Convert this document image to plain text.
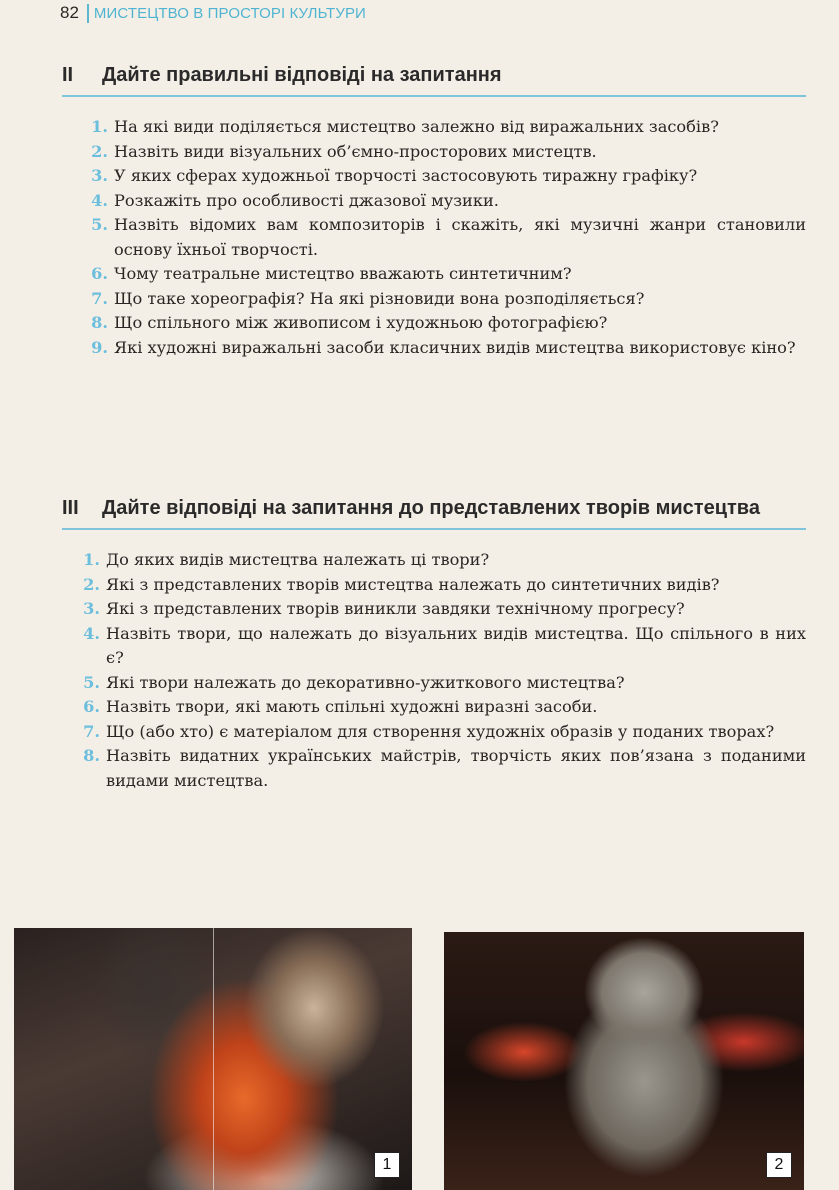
82 МИСТЕЦТВО В ПРОСТОРІ КУЛЬТУРИ
II	Дайте правильні відповіді на запитання
1. На які види поділяється мистецтво залежно від виражальних засобів?
2. Назвіть види візуальних об’ємно-просторових мистецтв.
3. У яких сферах художньої творчості застосовують тиражну графіку?
4. Розкажіть про особливості джазової музики.
5. Назвіть відомих вам композиторів і скажіть, які музичні жанри становили основу їхньої творчості.
6. Чому театральне мистецтво вважають синтетичним?
7. Що таке хореографія? На які різновиди вона розподіляється?
8. Що спільного між живописом і художньою фотографією?
9. Які художні виражальні засоби класичних видів мистецтва використовує кіно?
III	Дайте відповіді на запитання до представлених творів мистецтва
1. До яких видів мистецтва належать ці твори?
2. Які з представлених творів мистецтва належать до синтетичних видів?
3. Які з представлених творів виникли завдяки технічному прогресу?
4. Назвіть твори, що належать до візуальних видів мистецтва. Що спільного в них є?
5. Які твори належать до декоративно-ужиткового мистецтва?
6. Назвіть твори, які мають спільні художні виразні засоби.
7. Що (або хто) є матеріалом для створення художніх образів у поданих творах?
8. Назвіть видатних українських майстрів, творчість яких пов’язана з поданими видами мистецтва.
1	2
